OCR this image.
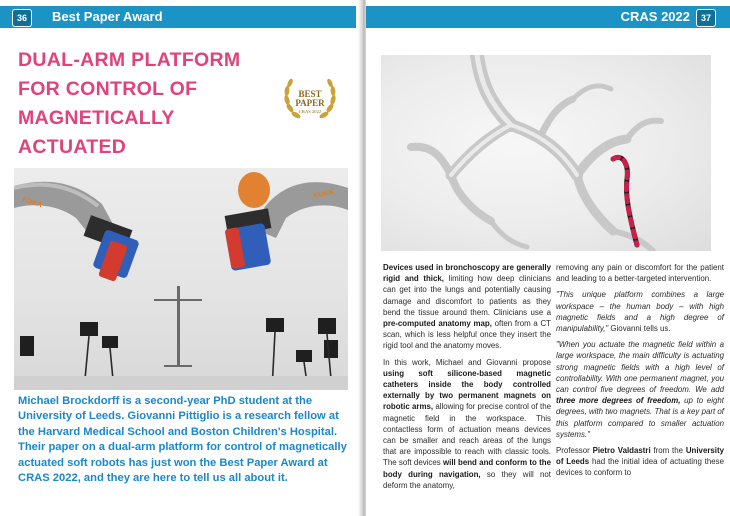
36	Best Paper Award
DUAL-ARM PLATFORM
FOR CONTROL OF
MAGNETICALLY ACTUATED
BEST
PAPER
CRAS 2022
KUKA
KUKA
Michael Brockdorff is a second-year PhD student at the University of Leeds. Giovanni Pittiglio is a research fellow at the Harvard Medical School and Boston Children's Hospital. Their paper on a dual-arm platform for control of magnetically actuated soft robots has just won the Best Paper Award at CRAS 2022, and they are here to tell us all about it.
CRAS 2022	37

Devices used in bronchoscopy are generally rigid and thick, limiting how deep clinicians can get into the lungs and potentially causing damage and discomfort to patients as they bend the tissue around them. Clinicians use a pre-computed anatomy map, often from a CT scan, which is less helpful once they insert the rigid tool and the anatomy moves.

In this work, Michael and Giovanni propose using soft silicone-based magnetic catheters inside the body controlled externally by two permanent magnets on robotic arms, allowing for precise control of the magnetic field in the workspace. This contactless form of actuation means devices can be smaller and reach areas of the lungs that are impossible to reach with classic tools. The soft devices will bend and conform to the body during navigation, so they will not deform the anatomy,

removing any pain or discomfort for the patient and leading to a better-targeted intervention.

"This unique platform combines a large workspace – the human body – with high magnetic fields and a high degree of manipulability," Giovanni tells us.

"When you actuate the magnetic field within a large workspace, the main difficulty is actuating strong magnetic fields with a high level of controllability. With one permanent magnet, you can control five degrees of freedom. We add three more degrees of freedom, up to eight degrees, with two magnets. That is a key part of this platform compared to smaller actuation systems."

Professor Pietro Valdastri from the University of Leeds had the initial idea of actuating these devices to conform to
